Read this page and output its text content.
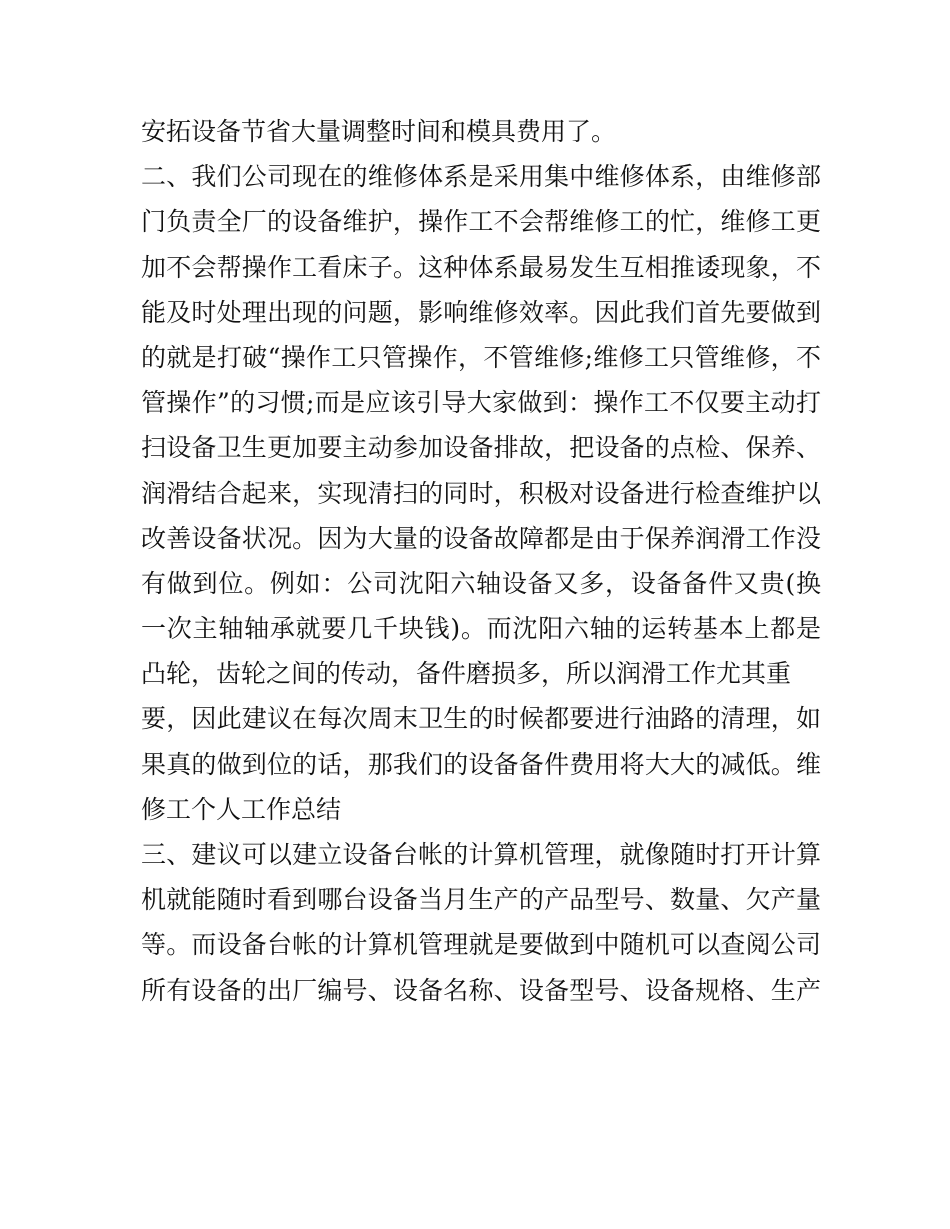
安拓设备节省大量调整时间和模具费用了。
二、我们公司现在的维修体系是采用集中维修体系，由维修部
门负责全厂的设备维护，操作工不会帮维修工的忙，维修工更
加不会帮操作工看床子。这种体系最易发生互相推诿现象，不
能及时处理出现的问题，影响维修效率。因此我们首先要做到
的就是打破“操作工只管操作，不管维修;维修工只管维修，不
管操作”的习惯;而是应该引导大家做到：操作工不仅要主动打
扫设备卫生更加要主动参加设备排故，把设备的点检、保养、
润滑结合起来，实现清扫的同时，积极对设备进行检查维护以
改善设备状况。因为大量的设备故障都是由于保养润滑工作没
有做到位。例如：公司沈阳六轴设备又多，设备备件又贵(换
一次主轴轴承就要几千块钱)。而沈阳六轴的运转基本上都是
凸轮，齿轮之间的传动，备件磨损多，所以润滑工作尤其重
要，因此建议在每次周末卫生的时候都要进行油路的清理，如
果真的做到位的话，那我们的设备备件费用将大大的减低。维
修工个人工作总结
三、建议可以建立设备台帐的计算机管理，就像随时打开计算
机就能随时看到哪台设备当月生产的产品型号、数量、欠产量
等。而设备台帐的计算机管理就是要做到中随机可以查阅公司
所有设备的出厂编号、设备名称、设备型号、设备规格、生产
